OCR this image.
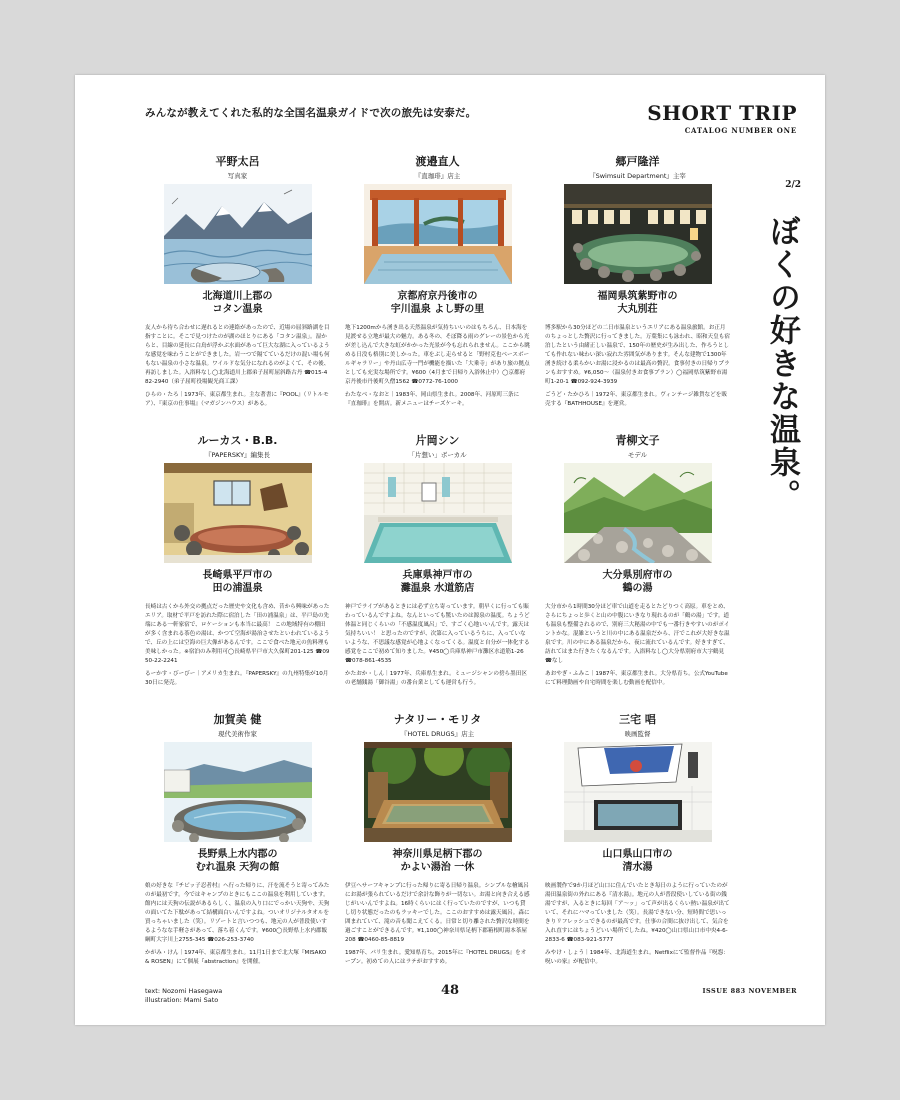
みんなが教えてくれた私的な全国名温泉ガイドで次の旅先は安泰だ。	SHORT TRIP
CATALOG NUMBER ONE
2/2
ぼくの好きな温泉。
平野太呂
写真家
北海道川上郡の
コタン温泉
友人から待ち合わせに遅れるとの連絡があったので、近場の屈斜路湖を目指すことに。そこで見つけたのが湖のほとりにある「コタン温泉」。湿からと、目線の延長に白鳥が浮かぶ水面があって巨大な湖に入っているような感覚を味わうことができました。岩一つで隔てているだけの混い場も何もない温泉の小さな温泉。ワイルドな気分になれるのがよくて、その後、再訪しました。入浴料なし◯北海道川上郡弟子屈町屈斜路古丹 ☎015-482-2940（弟子屈町役場観光商工課）
ひらの・たろ｜1973年、東京都生まれ。主な著書に『POOL』（リトルモア）、『東京の仕事場』（マガジンハウス）がある。
渡邉直人
『直珈琲』店主
京都府京丹後市の
宇川温泉 よし野の里
地下1200mから湧き出る天然温泉が気持ちいいのはもちろん、日本海を見渡せる立地が最大の魅力。ある冬の、そぼ降る雨のグレーの景色から光が差し込んで大きな虹がかかった光景が今も忘れられません。ここから眺める日没も格別に美しかった。車をぶし走らせると「野村克也ベースボールギャラリー」や丹山広寺一門が機能を描いた「大乗寺」があり旅の拠点としても充実な場所です。¥600（4月まで日帰り入浴休止中）◯京都府京丹後市丹後町久僧1562 ☎0772-76-1000
わたなべ・なおと｜1983年、岡山県生まれ。2008年、河原町三条に『直珈琲』を開店。新メニューはチーズケーキ。
郷戸隆洋
『Swimsuit Department』主宰
福岡県筑紫野市の
大丸別荘
博多駅から30分ほどの二日市温泉というエリアにある温泉旅館。お正月のちょっとした贅沢に行ってきました。万葉集にも詠われ、昭和天皇も宿泊したという由緒正しい温泉で、150年の歴史が生み出した、作ろうとしても作れない味わい深い寂れた雰囲気があります。そんな建物で1300年湧き続ける柔らかいお湯に浸かるのは最高の贅沢。食事付きの日帰りプランもおすすめ。¥6,050〜（温泉付きお食事プラン）◯福岡県筑紫野市湯町1-20-1 ☎092-924-3939
ごうど・たかひろ｜1972年、東京都生まれ。ヴィンテージ雑貨などを販売する『BATHHOUSE』を運営。
ルーカス・B.B.
『PAPERSKY』編集長
長崎県平戸市の
田の浦温泉
長崎は古くから外交の拠点だった歴史や文化も含め、昔から興味があったエリア。取材で平戸を訪れた際に宿泊した「田の浦温泉」は、平戸島の先端にある一軒家宿で、ロケーションも本当に最高！ この地域特有の棚田が多く含まれる茶色の湯は、かつて空海が湯治させたといわれているようで、丘の上には空海の巨大像があるんです。ここで食べた地元の魚料理も美味しかった。※宿泊のみ利用可◯長崎県平戸市大久保町201-125 ☎0950-22-2241
るーかす・びーびー｜アメリカ生まれ。『PAPERSKY』の九州特集が10月30日に発売。
片岡シン
「片想い」ボーカル
兵庫県神戸市の
灘温泉 水道筋店
神戸でライブがあるときには必ず立ち寄っています。朝早くに行っても賑わっているんですよね。なんといっても驚いたのは源泉の温度。ちょうど体温と同じくらいの「不感温度風呂」で、すごく心地いいんです。露天は気持ちいい！ と思ったのですが、次第に入っているうちに、入っていないような、不思議な感覚が心地よくなってくる。温度と自分が一体化する感覚をここで初めて知りました。¥450◯兵庫県神戸市灘区水道筋1-26 ☎078-861-4535
かたおか・しん｜1977年、兵庫県生まれ。ミュージシャンの傍ら墨田区の老舗銭湯「御谷湯」の番台業としても運営も行う。
青柳文子
モデル
大分県別府市の
鶴の湯
大分市から1時間30分ほど車で山道を走るとたどりつく高原。車をとめ、さらにちょっと歩くと山の中腹にいきなり現れるのが「鶴の湯」です。道も温泉も整備されるので、別府三大秘湯の中でも一番行きやすいのがポイントかな。混雑というと川の中にある温泉だから、汗でこれが大好きな温泉です。川の中にある温泉だから、夜に流れているんです。好きすぎて、訪れてはまた行きたくなるんです。入浴料なし◯大分県別府市大字鶴見 ☎なし
あおやぎ・ふみこ｜1987年、東京都生まれ。大分県育ち。公式YouTubeにて料理動画や自宅時間を楽しむ動画を配信中。
加賀美 健
現代美術作家
長野県上水内郡の
むれ温泉 天狗の館
娘の好きな『チビッ子忍者村』へ行った帰りに、汗を流そうと寄ってみたのが最初です。今ではキャンプのときにもここの温泉を利用しています。館内には天狗の伝説があるらしく、温泉の入り口にでっかい天狗や、天狗の面いてた下駄があって結構面白いんですよね。ついオリジナルタオルを買っちゃいました（笑）。リゾートと言いつつも、地元の人が普段使いするようなな手軽さがあって、落ち着くんです。¥600◯長野県上水内郡飯綱町大字川上2755-345 ☎026-253-3740
かがみ・けん｜1974年、東京都生まれ。11月1日まで北大塚『MISAKO & ROSEN』にて個展『abstraction』を開催。
ナタリー・モリタ
『HOTEL DRUGS』店主
神奈川県足柄下郡の
かよい湯治 一休
伊豆へサーフキャンプに行った帰りに寄る日帰り温泉。シンプルな檜風呂にお湯が張られているだけで余計な飾りが一切ない。お湯と向き合える感じがいいんですよね。16時くらいにはく行っていたのですが、いつも貸し切り状態だったのもラッキーでした。ここのおすすめは露天風呂。森に囲まれていて、滝の音も聞こえてくる。日常と切り離された贅沢な時間を過ごすことができるんです。¥1,100◯神奈川県足柄下郡箱根町湯本茶屋208 ☎0460-85-8819
1987年、パリ生まれ。愛知県育ち。2015年に『HOTEL DRUGS』をオープン。初めての人にはラテがおすすめ。
三宅 唱
映画監督
山口県山口市の
清水湯
映画製作で9か月ほど山口に住んでいたとき毎日のように行っていたのが湯田温泉街の外れにある『清水湯』。地元の人が普段使いしている街の銭湯ですが、入るときに毎回「ア〜ッ」って声が出るくらい熱い温泉が出ていて、それにハマっていました（笑）。長湯できない分、短時間で思いっきりリフレッシュできるのが最高です。仕事の合間に抜け出して、気合を入れ直すにはちょうどいい場所でしたね。¥420◯山口県山口市中央4-6-2833-6 ☎083-921-5777
みやけ・しょう｜1984年、北海道生まれ。Netflixにて監督作品『呪怨：呪いの家』が配信中。
text: Nozomi Hasegawa
illustration: Mami Sato
48	ISSUE 883 NOVEMBER
